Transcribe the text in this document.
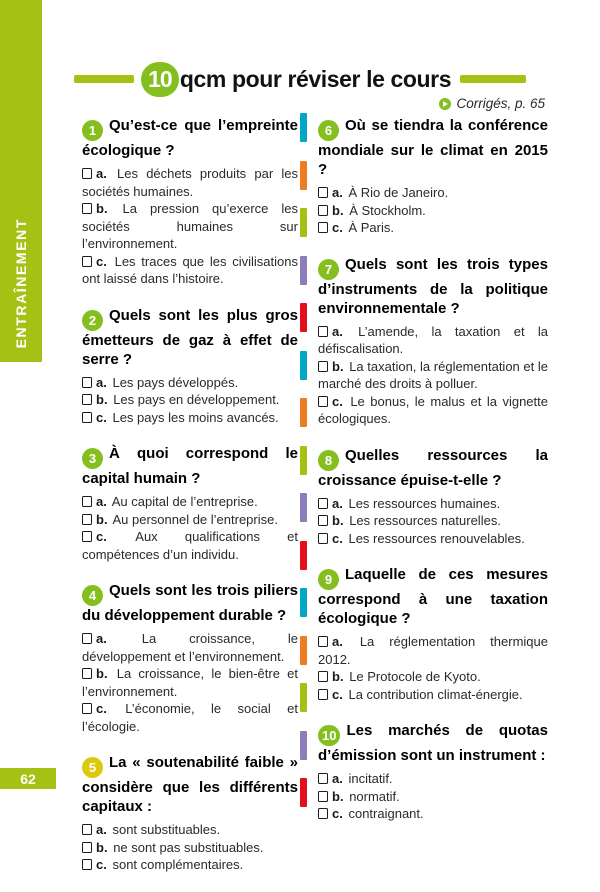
ENTRAÎNEMENT
62
10 qcm pour réviser le cours
Corrigés, p. 65
1 Qu’est-ce que l’empreinte écologique ?
a. Les déchets produits par les sociétés humaines.
b. La pression qu’exerce les sociétés humaines sur l’environnement.
c. Les traces que les civilisations ont laissé dans l’histoire.
2 Quels sont les plus gros émetteurs de gaz à effet de serre ?
a. Les pays développés.
b. Les pays en développement.
c. Les pays les moins avancés.
3 À quoi correspond le capital humain ?
a. Au capital de l’entreprise.
b. Au personnel de l’entreprise.
c. Aux qualifications et compétences d’un individu.
4 Quels sont les trois piliers du développement durable ?
a.	La croissance, le développement et l’environnement.
b. La croissance, le bien-être et l’environnement.
c. L’économie, le social et l’écologie.
5 La « soutenabilité faible » considère que les différents capitaux :
a. sont substituables.
b. ne sont pas substituables.
c. sont complémentaires.
6 Où se tiendra la conférence mondiale sur le climat en 2015 ?
a. À Rio de Janeiro.
b. À Stockholm.
c. À Paris.
7 Quels sont les trois types d’instruments de la politique environnementale ?
a. L’amende, la taxation et la défiscalisation.
b. La taxation, la réglementation et le marché des droits à polluer.
c. Le bonus, le malus et la vignette écologiques.
8 Quelles ressources la croissance épuise-t-elle ?
a. Les ressources humaines.
b. Les ressources naturelles.
c. Les ressources renouvelables.
9 Laquelle de ces mesures correspond à une taxation écologique ?
a. La réglementation thermique 2012.
b. Le Protocole de Kyoto.
c. La contribution climat-énergie.
10 Les marchés de quotas d’émission sont un instrument :
a. incitatif.
b. normatif.
c. contraignant.
